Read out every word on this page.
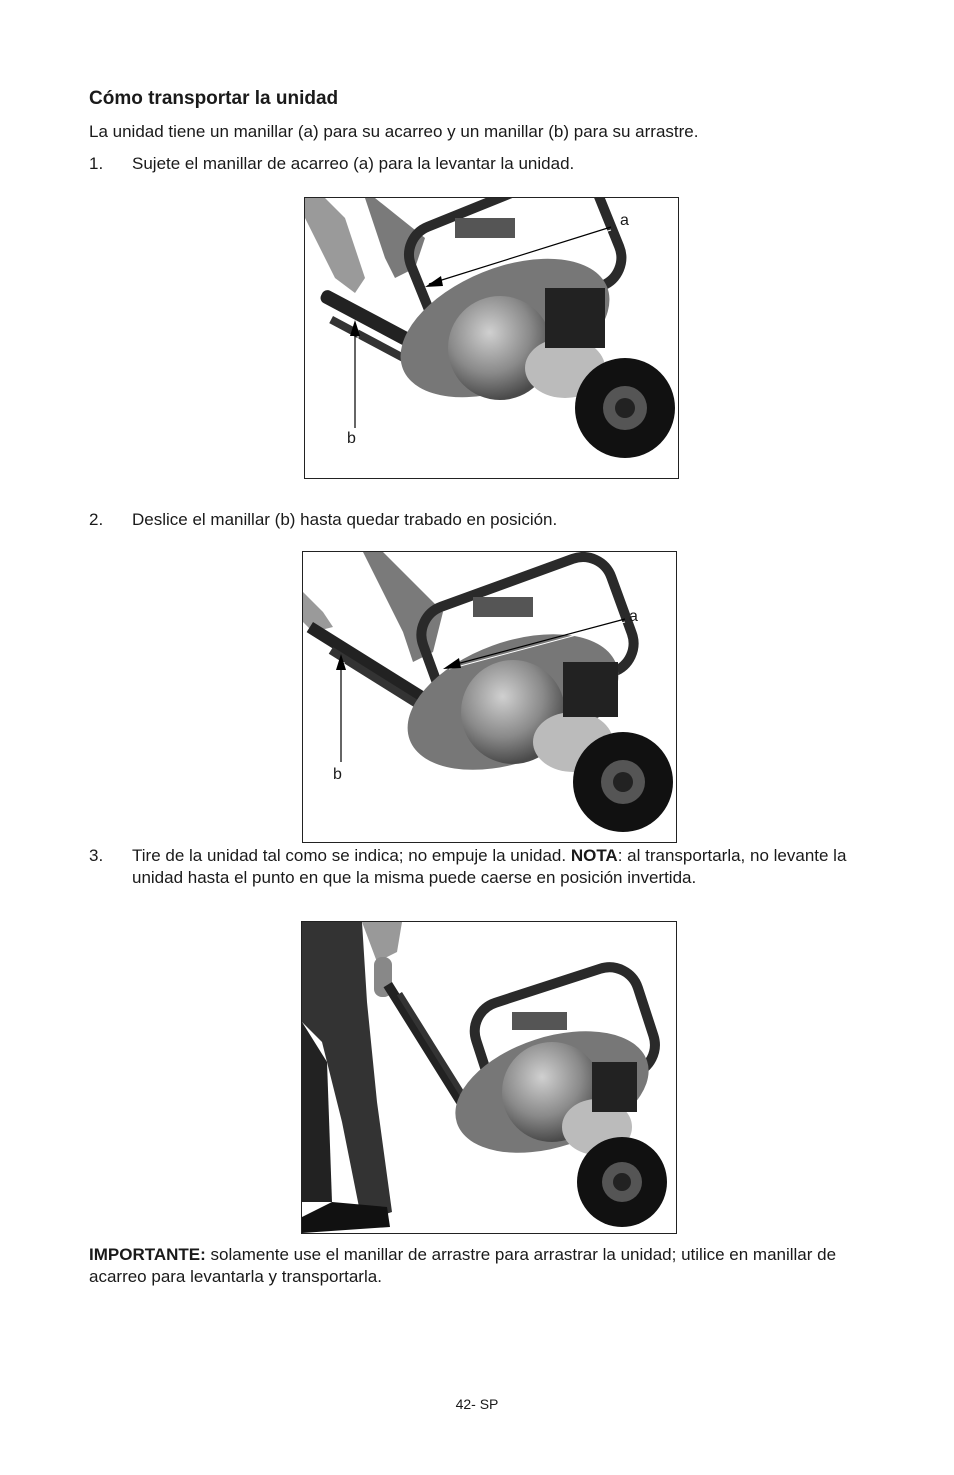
Cómo transportar la unidad
La unidad tiene un manillar (a) para su acarreo y un manillar (b) para su arrastre.
1. Sujete el manillar de acarreo (a) para la levantar la unidad.
a
b
2. Deslice el manillar (b) hasta quedar trabado en posición.
a
b
3. Tire de la unidad tal como se indica; no empuje la unidad. NOTA: al transportarla, no levante la unidad hasta el punto en que la misma puede caerse en posición invertida.
IMPORTANTE: solamente use el manillar de arrastre para arrastrar la unidad; utilice en manillar de acarreo para levantarla y transportarla.
42- SP
